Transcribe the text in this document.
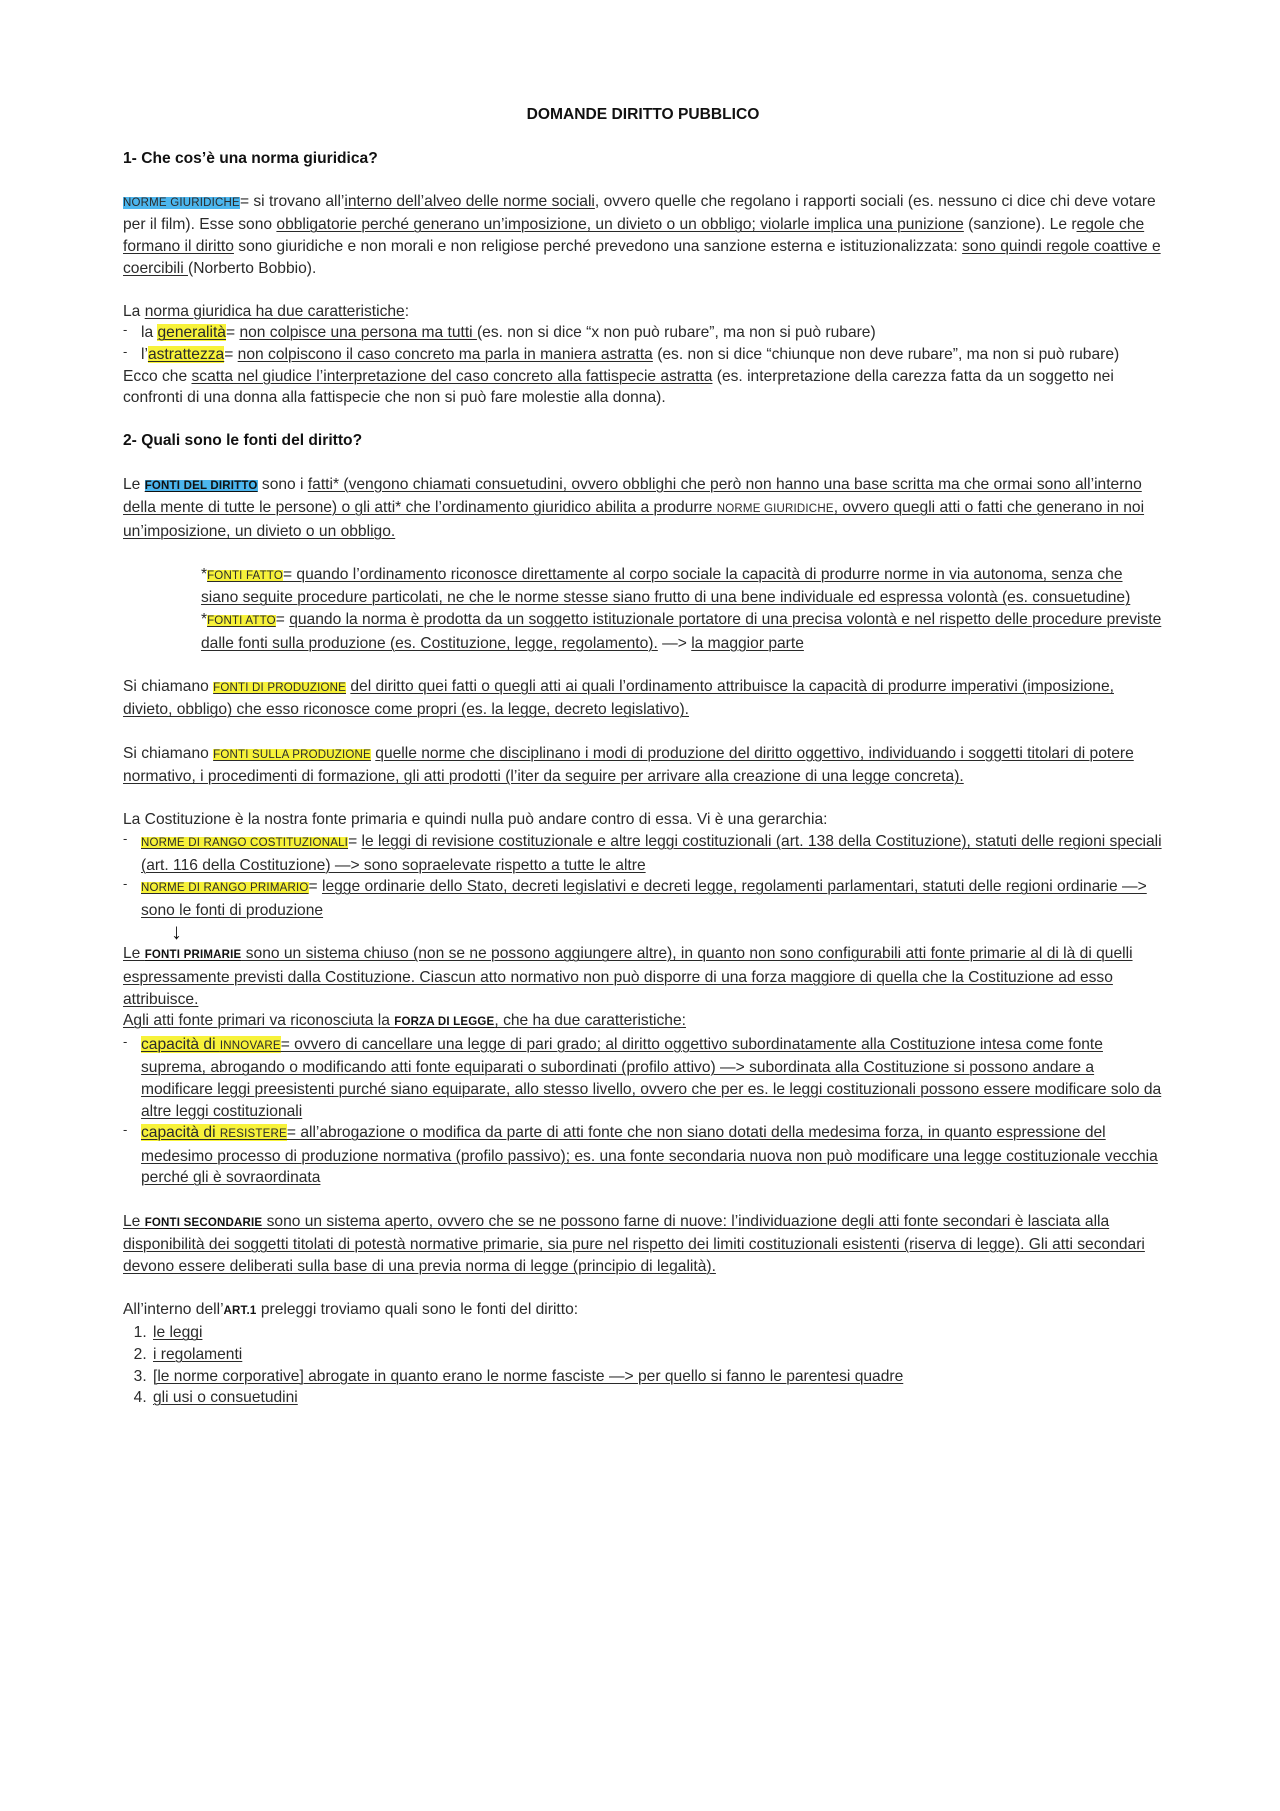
DOMANDE DIRITTO PUBBLICO

1- Che cos’è una norma giuridica?

NORME GIURIDICHE= si trovano all’interno dell’alveo delle norme sociali, ovvero quelle che regolano i rapporti sociali (es. nessuno ci dice chi deve votare per il film). Esse sono obbligatorie perché generano un’imposizione, un divieto o un obbligo; violarle implica una punizione (sanzione). Le regole che formano il diritto sono giuridiche e non morali e non religiose perché prevedono una sanzione esterna e istituzionalizzata: sono quindi regole coattive e coercibili (Norberto Bobbio).

La norma giuridica ha due caratteristiche:

- la generalità= non colpisce una persona ma tutti (es. non si dice “x non può rubare”, ma non si può rubare)
- l’astrattezza= non colpiscono il caso concreto ma parla in maniera astratta (es. non si dice “chiunque non deve rubare”, ma non si può rubare)

Ecco che scatta nel giudice l’interpretazione del caso concreto alla fattispecie astratta (es. interpretazione della carezza fatta da un soggetto nei confronti di una donna alla fattispecie che non si può fare molestie alla donna).

2- Quali sono le fonti del diritto?

Le FONTI DEL DIRITTO sono i fatti* (vengono chiamati consuetudini, ovvero obblighi che però non hanno una base scritta ma che ormai sono all’interno della mente di tutte le persone) o gli atti* che l’ordinamento giuridico abilita a produrre NORME GIURIDICHE, ovvero quegli atti o fatti che generano in noi un’imposizione, un divieto o un obbligo.

*FONTI FATTO= quando l’ordinamento riconosce direttamente al corpo sociale la capacità di produrre norme in via autonoma, senza che siano seguite procedure particolati, ne che le norme stesse siano frutto di una bene individuale ed espressa volontà (es. consuetudine)

*FONTI ATTO= quando la norma è prodotta da un soggetto istituzionale portatore di una precisa volontà e nel rispetto delle procedure previste dalle fonti sulla produzione (es. Costituzione, legge, regolamento). —> la maggior parte

Si chiamano FONTI DI PRODUZIONE del diritto quei fatti o quegli atti ai quali l’ordinamento attribuisce la capacità di produrre imperativi (imposizione, divieto, obbligo) che esso riconosce come propri (es. la legge, decreto legislativo).

Si chiamano FONTI SULLA PRODUZIONE quelle norme che disciplinano i modi di produzione del diritto oggettivo, individuando i soggetti titolari di potere normativo, i procedimenti di formazione, gli atti prodotti (l’iter da seguire per arrivare alla creazione di una legge concreta).

La Costituzione è la nostra fonte primaria e quindi nulla può andare contro di essa. Vi è una gerarchia:

- NORME DI RANGO COSTITUZIONALI= le leggi di revisione costituzionale e altre leggi costituzionali (art. 138 della Costituzione), statuti delle regioni speciali (art. 116 della Costituzione) —> sono sopraelevate rispetto a tutte le altre
- NORME DI RANGO PRIMARIO= legge ordinarie dello Stato, decreti legislativi e decreti legge, regolamenti parlamentari, statuti delle regioni ordinarie —> sono le fonti di produzione
↓

Le FONTI PRIMARIE sono un sistema chiuso (non se ne possono aggiungere altre), in quanto non sono configurabili atti fonte primarie al di là di quelli espressamente previsti dalla Costituzione. Ciascun atto normativo non può disporre di una forza maggiore di quella che la Costituzione ad esso attribuisce.

Agli atti fonte primari va riconosciuta la FORZA DI LEGGE, che ha due caratteristiche:

- capacità di INNOVARE= ovvero di cancellare una legge di pari grado; al diritto oggettivo subordinatamente alla Costituzione intesa come fonte suprema, abrogando o modificando atti fonte equiparati o subordinati (profilo attivo) —> subordinata alla Costituzione si possono andare a modificare leggi preesistenti purché siano equiparate, allo stesso livello, ovvero che per es. le leggi costituzionali possono essere modificare solo da altre leggi costituzionali
- capacità di RESISTERE= all’abrogazione o modifica da parte di atti fonte che non siano dotati della medesima forza, in quanto espressione del medesimo processo di produzione normativa (profilo passivo); es. una fonte secondaria nuova non può modificare una legge costituzionale vecchia perché gli è sovraordinata

Le FONTI SECONDARIE sono un sistema aperto, ovvero che se ne possono farne di nuove: l’individuazione degli atti fonte secondari è lasciata alla disponibilità dei soggetti titolati di potestà normative primarie, sia pure nel rispetto dei limiti costituzionali esistenti (riserva di legge). Gli atti secondari devono essere deliberati sulla base di una previa norma di legge (principio di legalità).

All’interno dell’ART.1 preleggi troviamo quali sono le fonti del diritto:

1. le leggi
2. i regolamenti
3. [le norme corporative] abrogate in quanto erano le norme fasciste —> per quello si fanno le parentesi quadre
4. gli usi o consuetudini
